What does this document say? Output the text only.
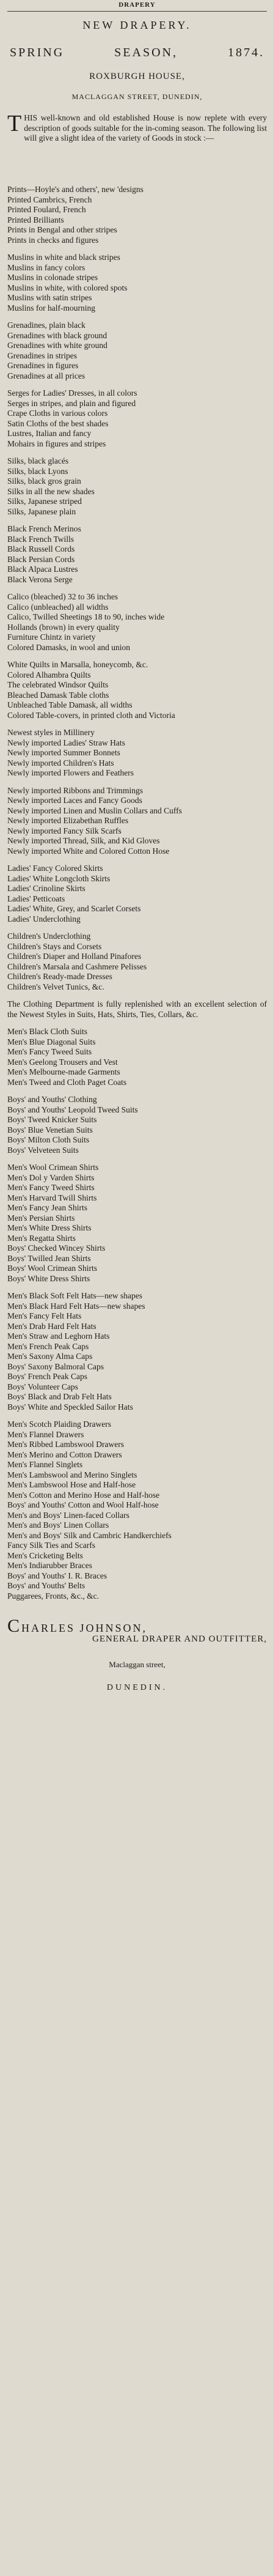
DRAPERY
NEW DRAPERY.
SPRING	SEASON,	1874.
ROXBURGH HOUSE,
MACLAGGAN STREET, DUNEDIN,
T HIS well-known and old established House is now replete with every description of goods suitable for the in-coming season. The following list will give a slight idea of the variety of Goods in stock :—
Prints—Hoyle's and others', new 'designs
Printed Cambrics, French
Printed Foulard, French
Printed Brilliants
Prints in Bengal and other stripes
Prints in checks and figures
Muslins in white and black stripes
Muslins in fancy colors
Muslins in colonade stripes
Muslins in white, with colored spots
Muslins with satin stripes
Muslins for half-mourning
Grenadines, plain black
Grenadines with black ground
Grenadines with white ground
Grenadines in stripes
Grenadines in figures
Grenadines at all prices
Serges for Ladies' Dresses, in all colors
Serges in stripes, and plain and figured
Crape Cloths in various colors
Satin Cloths of the best shades
Lustres, Italian and fancy
Mohairs in figures and stripes
Silks, black glacés
Silks, black Lyons
Silks, black gros grain
Silks in all the new shades
Silks, Japanese striped
Silks, Japanese plain
Black French Merinos
Black French Twills
Black Russell Cords
Black Persian Cords
Black Alpaca Lustres
Black Verona Serge
Calico (bleached) 32 to 36 inches
Calico (unbleached) all widths
Calico, Twilled Sheetings 18 to 90, inches wide
Hollands (brown) in every quality
Furniture Chintz in variety
Colored Damasks, in wool and union
White Quilts in Marsalla, honeycomb, &c.
Colored Alhambra Quilts
The celebrated Windsor Quilts
Bleached Damask Table cloths
Unbleached Table Damask, all widths
Colored Table-covers, in printed cloth and Victoria
Newest styles in Millinery
Newly imported Ladies' Straw Hats
Newly imported Summer Bonnets
Newly imported Children's Hats
Newly imported Flowers and Feathers
Newly imported Ribbons and Trimmings
Newly imported Laces and Fancy Goods
Newly imported Linen and Muslin Collars and Cuffs
Newly imported Elizabethan Ruffles
Newly imported Fancy Silk Scarfs
Newly imported Thread, Silk, and Kid Gloves
Newly imported White and Colored Cotton Hose
Ladies' Fancy Colored Skirts
Ladies' White Longcloth Skirts
Ladies' Crinoline Skirts
Ladies' Petticoats
Ladies' White, Grey, and Scarlet Corsets
Ladies' Underclothing
Children's Underclothing
Children's Stays and Corsets
Children's Diaper and Holland Pinafores
Children's Marsala and Cashmere Pelisses
Children's Ready-made Dresses
Children's Velvet Tunics, &c.
The Clothing Department is fully replenished with an excellent selection of the Newest Styles in Suits, Hats, Shirts, Ties, Collars, &c.
Men's Black Cloth Suits
Men's Blue Diagonal Suits
Men's Fancy Tweed Suits
Men's Geelong Trousers and Vest
Men's Melbourne-made Garments
Men's Tweed and Cloth Paget Coats
Boys' and Youths' Clothing
Boys' and Youths' Leopold Tweed Suits
Boys' Tweed Knicker Suits
Boys' Blue Venetian Suits
Boys' Milton Cloth Suits
Boys' Velveteen Suits
Men's Wool Crimean Shirts
Men's Dol y Varden Shirts
Men's Fancy Tweed Shirts
Men's Harvard Twill Shirts
Men's Fancy Jean Shirts
Men's Persian Shirts
Men's White Dress Shirts
Men's Regatta Shirts
Boys' Checked Wincey Shirts
Boys' Twilled Jean Shirts
Boys' Wool Crimean Shirts
Boys' White Dress Shirts
Men's Black Soft Felt Hats—new shapes
Men's Black Hard Felt Hats—new shapes
Men's Fancy Felt Hats
Men's Drab Hard Felt Hats
Men's Straw and Leghorn Hats
Men's French Peak Caps
Men's Saxony Alma Caps
Boys' Saxony Balmoral Caps
Boys' French Peak Caps
Boys' Volunteer Caps
Boys' Black and Drab Felt Hats
Boys' White and Speckled Sailor Hats
Men's Scotch Plaiding Drawers
Men's Flannel Drawers
Men's Ribbed Lambswool Drawers
Men's Merino and Cotton Drawers
Men's Flannel Singlets
Men's Lambswool and Merino Singlets
Men's Lambswool Hose and Half-hose
Men's Cotton and Merino Hose and Half-hose
Boys' and Youths' Cotton and Wool Half-hose
Men's and Boys' Linen-faced Collars
Men's and Boys' Linen Collars
Men's and Boys' Silk and Cambric Handkerchiefs
Fancy Silk Ties and Scarfs
Men's Cricketing Belts
Men's Indiarubber Braces
Boys' and Youths' I. R. Braces
Boys' and Youths' Belts
Puggarees, Fronts, &c., &c.
CHARLES JOHNSON,
GENERAL DRAPER AND OUTFITTER,
Maclaggan street,
DUNEDIN.
